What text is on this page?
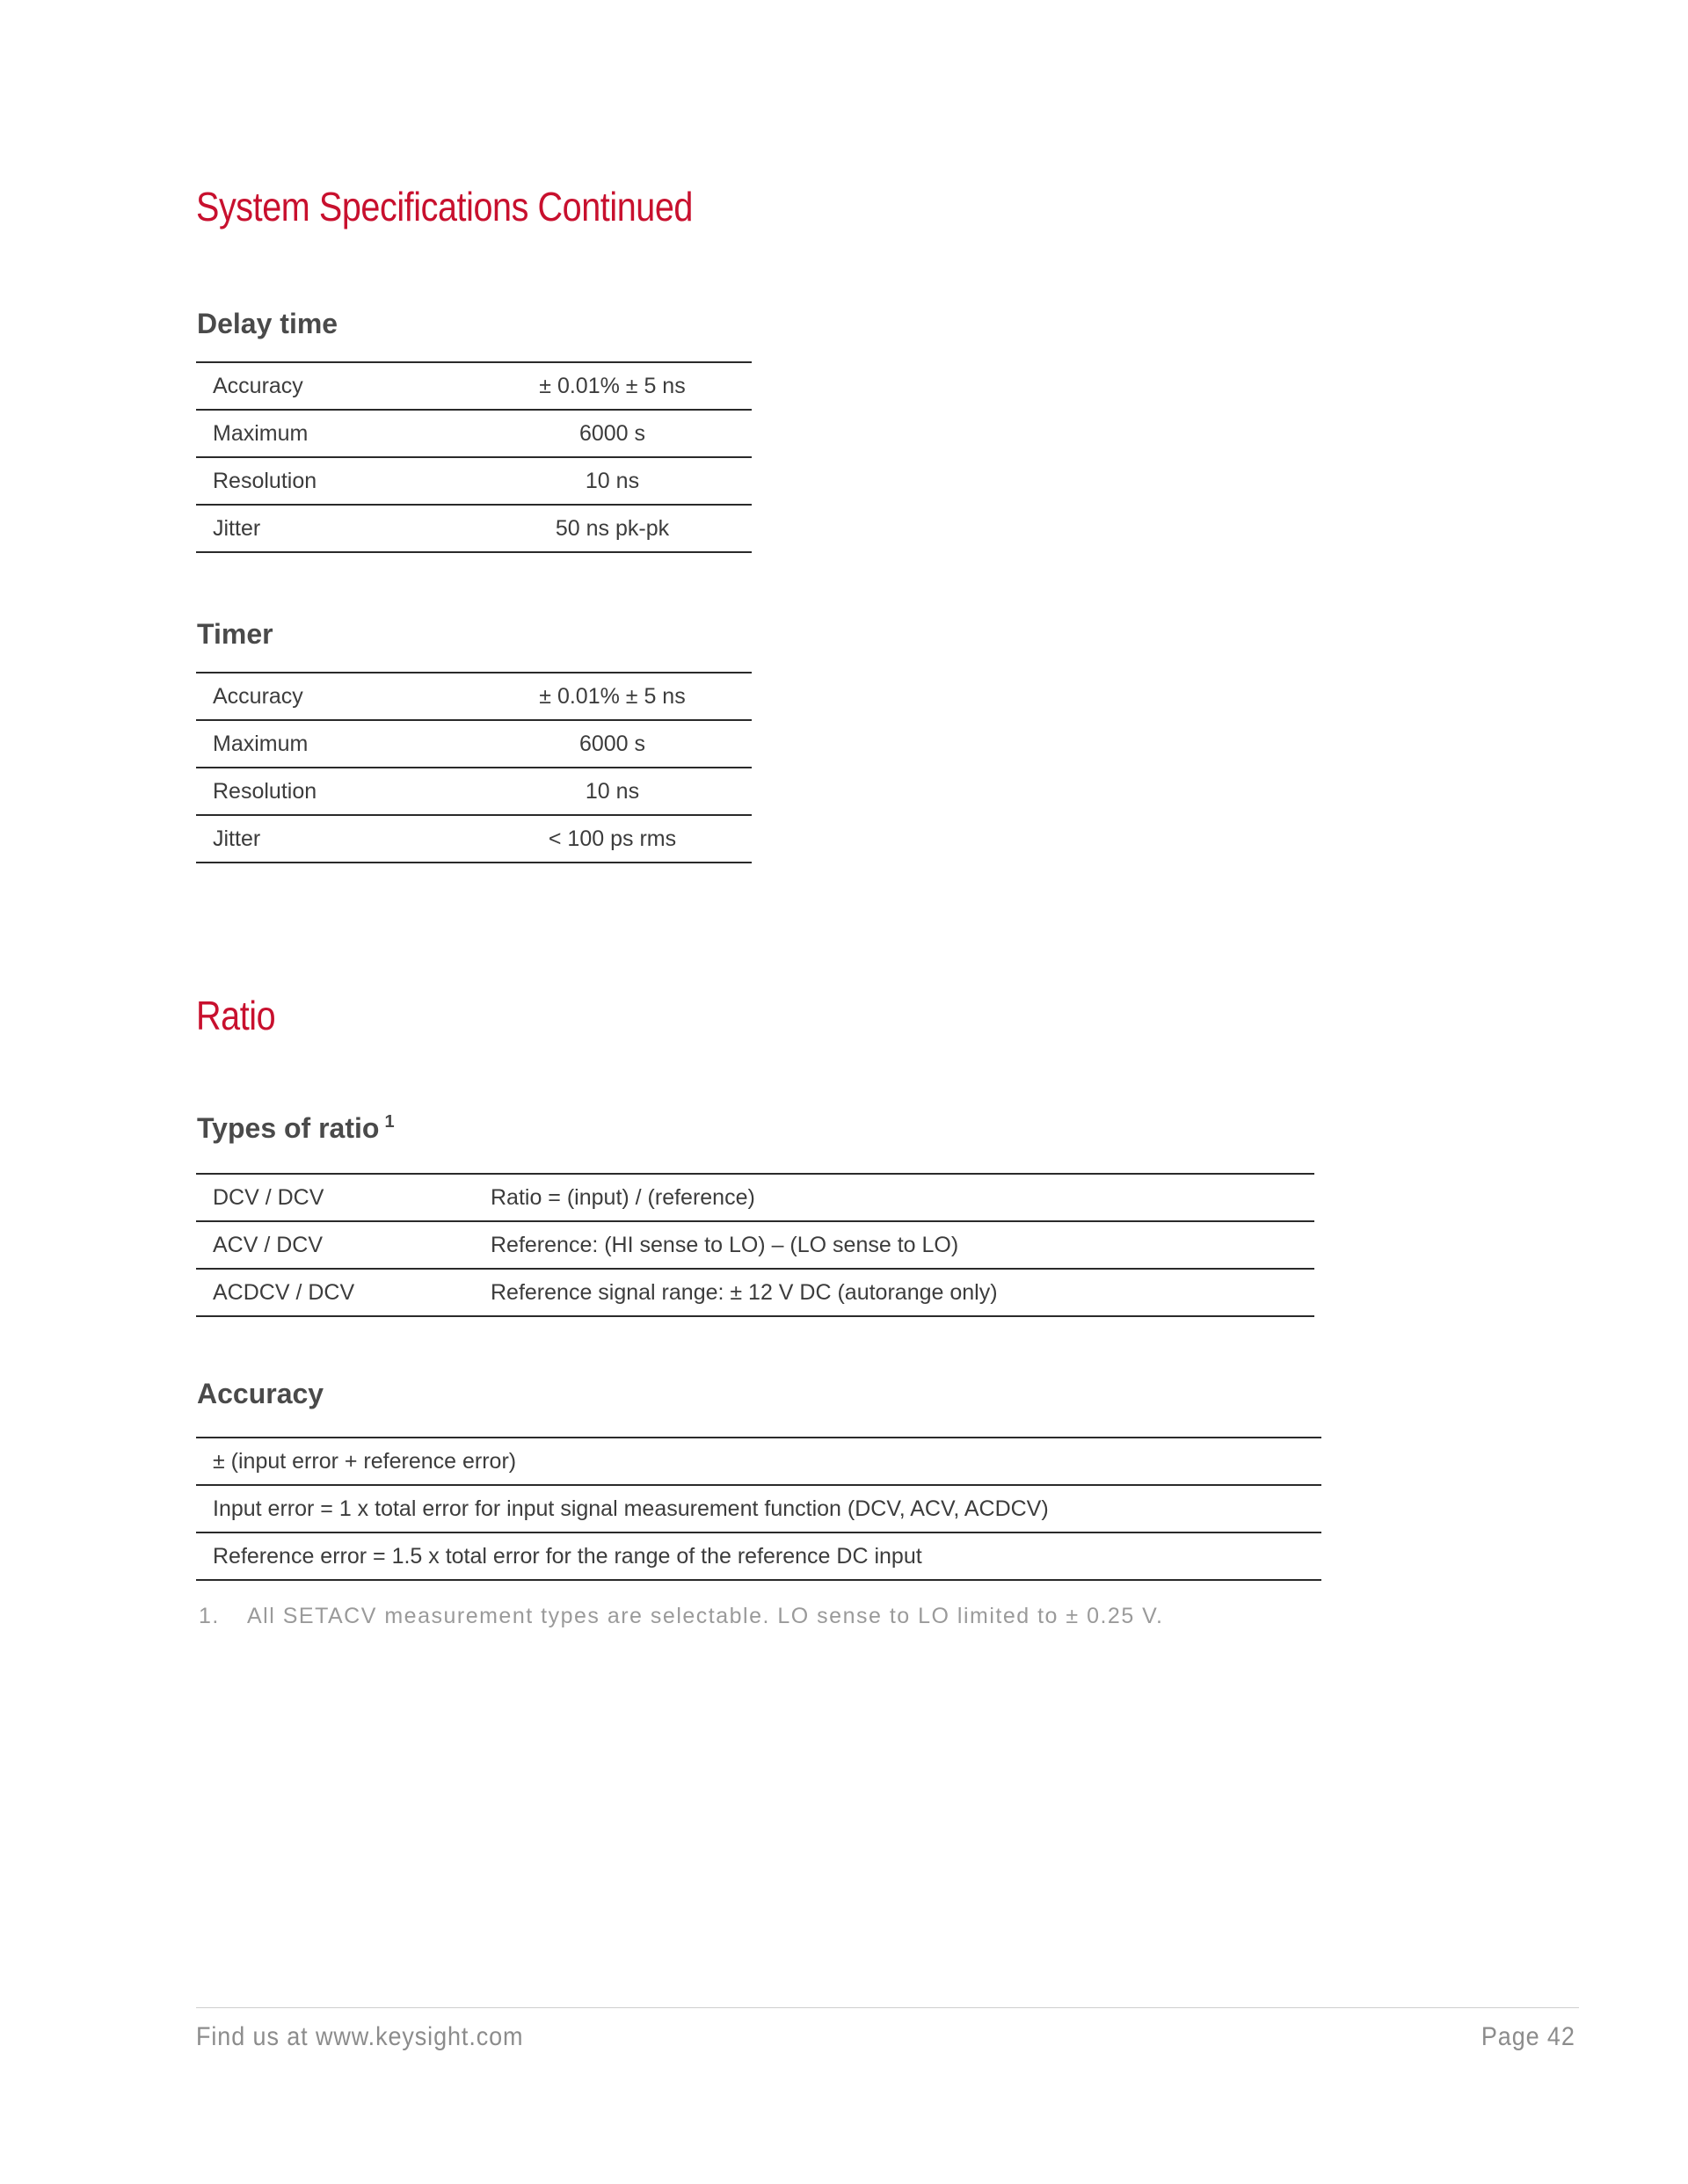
System Specifications Continued
Delay time
Accuracy	± 0.01% ± 5 ns
Maximum	6000 s
Resolution	10 ns
Jitter	50 ns pk-pk
Timer
Accuracy	± 0.01% ± 5 ns
Maximum	6000 s
Resolution	10 ns
Jitter	< 100 ps rms
Ratio
Types of ratio $^1$
DCV / DCV	Ratio = (input) / (reference)
ACV / DCV	Reference: (HI sense to LO) – (LO sense to LO)
ACDCV / DCV	Reference signal range: ± 12 V DC (autorange only)
Accuracy
± (input error + reference error)
Input error = 1 x total error for input signal measurement function (DCV, ACV, ACDCV)
Reference error = 1.5 x total error for the range of the reference DC input
1. All SETACV measurement types are selectable. LO sense to LO limited to ± 0.25 V.
Find us at www.keysight.com	Page 42
